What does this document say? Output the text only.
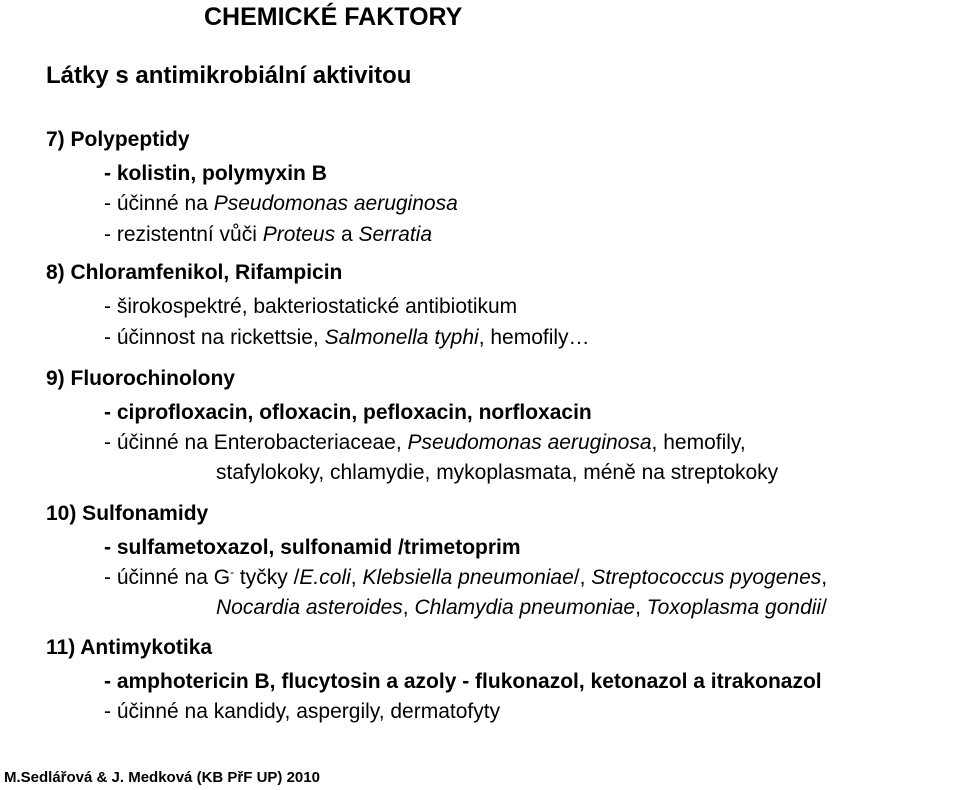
CHEMICKÉ FAKTORY
Látky s antimikrobiální aktivitou
7) Polypeptidy
- kolistin, polymyxin B
- účinné na Pseudomonas aeruginosa
- rezistentní vůči Proteus a Serratia
8) Chloramfenikol, Rifampicin
- širokospektré, bakteriostatické antibiotikum
- účinnost na rickettsie, Salmonella typhi, hemofily…
9) Fluorochinolony
- ciprofloxacin, ofloxacin, pefloxacin, norfloxacin
- účinné na Enterobacteriaceae, Pseudomonas aeruginosa, hemofily,
stafylokoky, chlamydie, mykoplasmata, méně na streptokoky
10) Sulfonamidy
- sulfametoxazol, sulfonamid /trimetoprim
- účinné na G- tyčky /E.coli, Klebsiella pneumoniae/, Streptococcus pyogenes,
Nocardia asteroides, Chlamydia pneumoniae, Toxoplasma gondii/
11) Antimykotika
- amphotericin B, flucytosin a azoly - flukonazol, ketonazol a itrakonazol
- účinné na kandidy, aspergily, dermatofyty
M.Sedlářová & J. Medková (KB PřF UP) 2010
